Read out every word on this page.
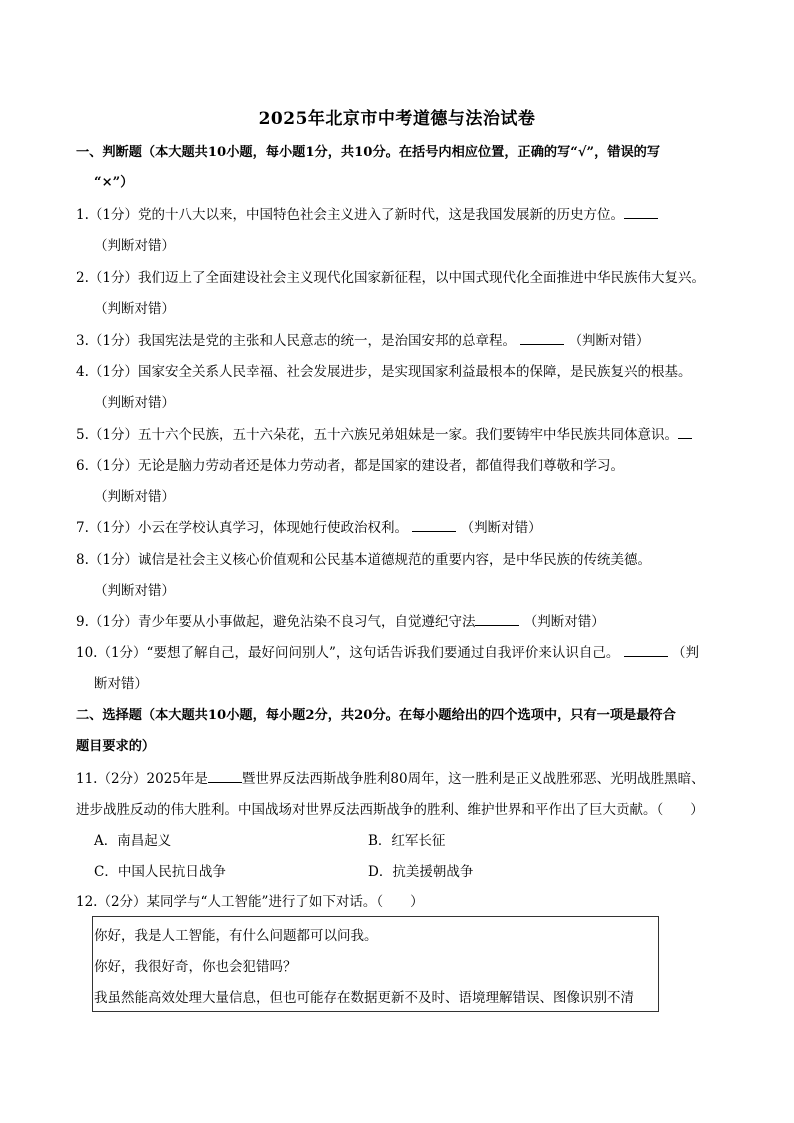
2025年北京市中考道德与法治试卷
一、判断题（本大题共10小题，每小题1分，共10分。在括号内相应位置，正确的写“√”，错误的写
“×”）
1.（1分）党的十八大以来，中国特色社会主义进入了新时代，这是我国发展新的历史方位。
（判断对错）
2.（1分）我们迈上了全面建设社会主义现代化国家新征程，以中国式现代化全面推进中华民族伟大复兴。
（判断对错）
3.（1分）我国宪法是党的主张和人民意志的统一，是治国安邦的总章程。	（判断对错）
4.（1分）国家安全关系人民幸福、社会发展进步，是实现国家利益最根本的保障，是民族复兴的根基。
（判断对错）
5.（1分）五十六个民族，五十六朵花，五十六族兄弟姐妹是一家。我们要铸牢中华民族共同体意识。
6.（1分）无论是脑力劳动者还是体力劳动者，都是国家的建设者，都值得我们尊敬和学习。
（判断对错）
7.（1分）小云在学校认真学习，体现她行使政治权利。	（判断对错）
8.（1分）诚信是社会主义核心价值观和公民基本道德规范的重要内容，是中华民族的传统美德。
（判断对错）
9.（1分）青少年要从小事做起，避免沾染不良习气，自觉遵纪守法	（判断对错）
10.（1分）“要想了解自己，最好问问别人”，这句话告诉我们要通过自我评价来认识自己。	（判
断对错）
二、选择题（本大题共10小题，每小题2分，共20分。在每小题给出的四个选项中，只有一项是最符合
题目要求的）
11.（2分）2025年是	暨世界反法西斯战争胜利80周年，这一胜利是正义战胜邪恶、光明战胜黑暗、
进步战胜反动的伟大胜利。中国战场对世界反法西斯战争的胜利、维护世界和平作出了巨大贡献。（　　）
A．南昌起义	B．红军长征
C．中国人民抗日战争	D．抗美援朝战争
12.（2分）某同学与“人工智能”进行了如下对话。（　　）
你好，我是人工智能，有什么问题都可以问我。
你好，我很好奇，你也会犯错吗？
我虽然能高效处理大量信息，但也可能存在数据更新不及时、语境理解错误、图像识别不清
